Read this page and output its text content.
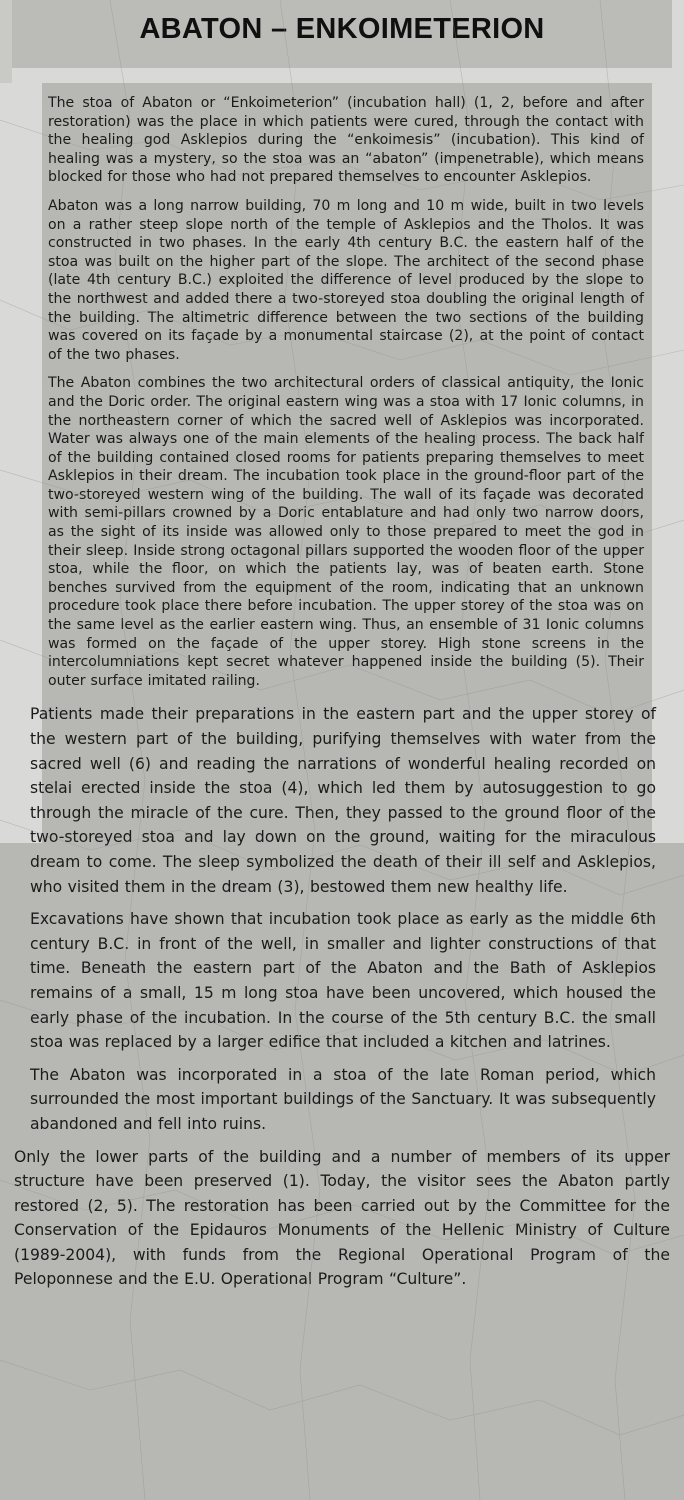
ABATON – ENKOIMETERION

The stoa of Abaton or “Enkoimeterion” (incubation hall) (1, 2, before and after restoration) was the place in which patients were cured, through the contact with the healing god Asklepios during the “enkoimesis” (incubation). This kind of healing was a mystery, so the stoa was an “abaton” (impenetrable), which means blocked for those who had not prepared themselves to encounter Asklepios.

Abaton was a long narrow building, 70 m long and 10 m wide, built in two levels on a rather steep slope north of the temple of Asklepios and the Tholos. It was constructed in two phases. In the early 4th century B.C. the eastern half of the stoa was built on the higher part of the slope. The architect of the second phase (late 4th century B.C.) exploited the difference of level produced by the slope to the northwest and added there a two-storeyed stoa doubling the original length of the building. The altimetric difference between the two sections of the building was covered on its façade by a monumental staircase (2), at the point of contact of the two phases.

The Abaton combines the two architectural orders of classical antiquity, the Ionic and the Doric order. The original eastern wing was a stoa with 17 Ionic columns, in the northeastern corner of which the sacred well of Asklepios was incorporated. Water was always one of the main elements of the healing process. The back half of the building contained closed rooms for patients preparing themselves to meet Asklepios in their dream. The incubation took place in the ground-floor part of the two-storeyed western wing of the building. The wall of its façade was decorated with semi-pillars crowned by a Doric entablature and had only two narrow doors, as the sight of its inside was allowed only to those prepared to meet the god in their sleep. Inside strong octagonal pillars supported the wooden floor of the upper stoa, while the floor, on which the patients lay, was of beaten earth. Stone benches survived from the equipment of the room, indicating that an unknown procedure took place there before incubation. The upper storey of the stoa was on the same level as the earlier eastern wing. Thus, an ensemble of 31 Ionic columns was formed on the façade of the upper storey. High stone screens in the intercolumniations kept secret whatever happened inside the building (5). Their outer surface imitated railing.

Patients made their preparations in the eastern part and the upper storey of the western part of the building, purifying themselves with water from the sacred well (6) and reading the narrations of wonderful healing recorded on stelai erected inside the stoa (4), which led them by autosuggestion to go through the miracle of the cure. Then, they passed to the ground floor of the two-storeyed stoa and lay down on the ground, waiting for the miraculous dream to come. The sleep symbolized the death of their ill self and Asklepios, who visited them in the dream (3), bestowed them new healthy life.

Excavations have shown that incubation took place as early as the middle 6th century B.C. in front of the well, in smaller and lighter constructions of that time. Beneath the eastern part of the Abaton and the Bath of Asklepios remains of a small, 15 m long stoa have been uncovered, which housed the early phase of the incubation. In the course of the 5th century B.C. the small stoa was replaced by a larger edifice that included a kitchen and latrines.

The Abaton was incorporated in a stoa of the late Roman period, which surrounded the most important buildings of the Sanctuary. It was subsequently abandoned and fell into ruins.

Only the lower parts of the building and a number of members of its upper structure have been preserved (1). Today, the visitor sees the Abaton partly restored (2, 5). The restoration has been carried out by the Committee for the Conservation of the Epidauros Monuments of the Hellenic Ministry of Culture (1989-2004), with funds from the Regional Operational Program of the Peloponnese and the E.U. Operational Program “Culture”.
